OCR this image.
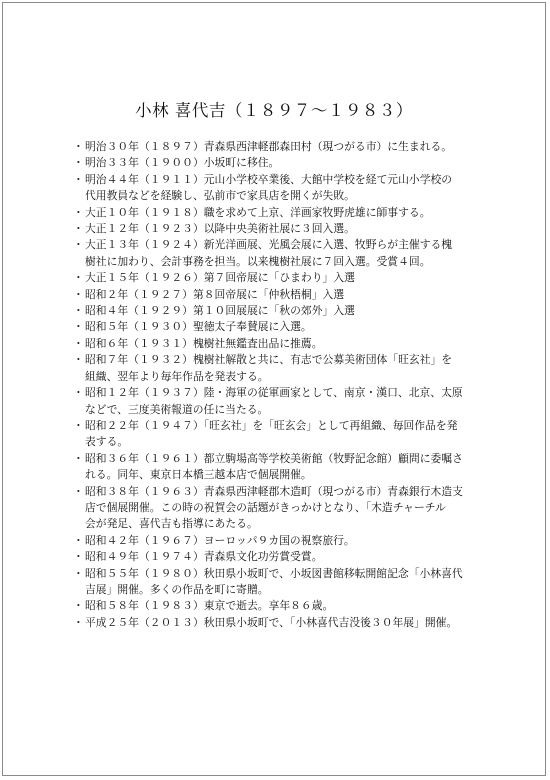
小林 喜代吉（１８９７〜１９８３）
・ 明治３０年（１８９７）青森県西津軽郡森田村（現つがる市）に生まれる。
・ 明治３３年（１９００）小坂町に移住。
・ 明治４４年（１９１１）元山小学校卒業後、大館中学校を経て元山小学校の
代用教員などを経験し、弘前市で家具店を開くが失敗。
・ 大正１０年（１９１８）職を求めて上京、洋画家牧野虎雄に師事する。
・ 大正１２年（１９２３）以降中央美術社展に３回入選。
・ 大正１３年（１９２４）新光洋画展、光風会展に入選、牧野らが主催する槐
樹社に加わり、会計事務を担当。以来槐樹社展に７回入選。受賞４回。
・ 大正１５年（１９２６）第７回帝展に「ひまわり」入選
・ 昭和２年（１９２７）第８回帝展に「仲秋梧桐」入選
・ 昭和４年（１９２９）第１０回展展に「秋の郊外」入選
・ 昭和５年（１９３０）聖徳太子奉賛展に入選。
・ 昭和６年（１９３１）槐樹社無鑑査出品に推薦。
・ 昭和７年（１９３２）槐樹社解散と共に、有志で公募美術団体「旺玄社」を
組織、翌年より毎年作品を発表する。
・ 昭和１２年（１９３７）陸・海軍の従軍画家として、南京・漢口、北京、太原
などで、三度美術報道の任に当たる。
・ 昭和２２年（１９４７）「旺玄社」を「旺玄会」として再組織、毎回作品を発
表する。
・ 昭和３６年（１９６１）都立駒場高等学校美術館（牧野記念館）顧問に委嘱さ
れる。同年、東京日本橋三越本店で個展開催。
・ 昭和３８年（１９６３）青森県西津軽郡木造町（現つがる市）青森銀行木造支
店で個展開催。この時の祝賀会の話題がきっかけとなり、「木造チャーチル
会が発足、喜代吉も指導にあたる。
・ 昭和４２年（１９６７）ヨーロッパ９カ国の視察旅行。
・ 昭和４９年（１９７４）青森県文化功労賞受賞。
・ 昭和５５年（１９８０）秋田県小坂町で、小坂図書館移転開館記念「小林喜代
吉展」開催。多くの作品を町に寄贈。
・ 昭和５８年（１９８３）東京で逝去。享年８６歳。
・ 平成２５年（２０１３）秋田県小坂町で、「小林喜代吉没後３０年展」開催。
